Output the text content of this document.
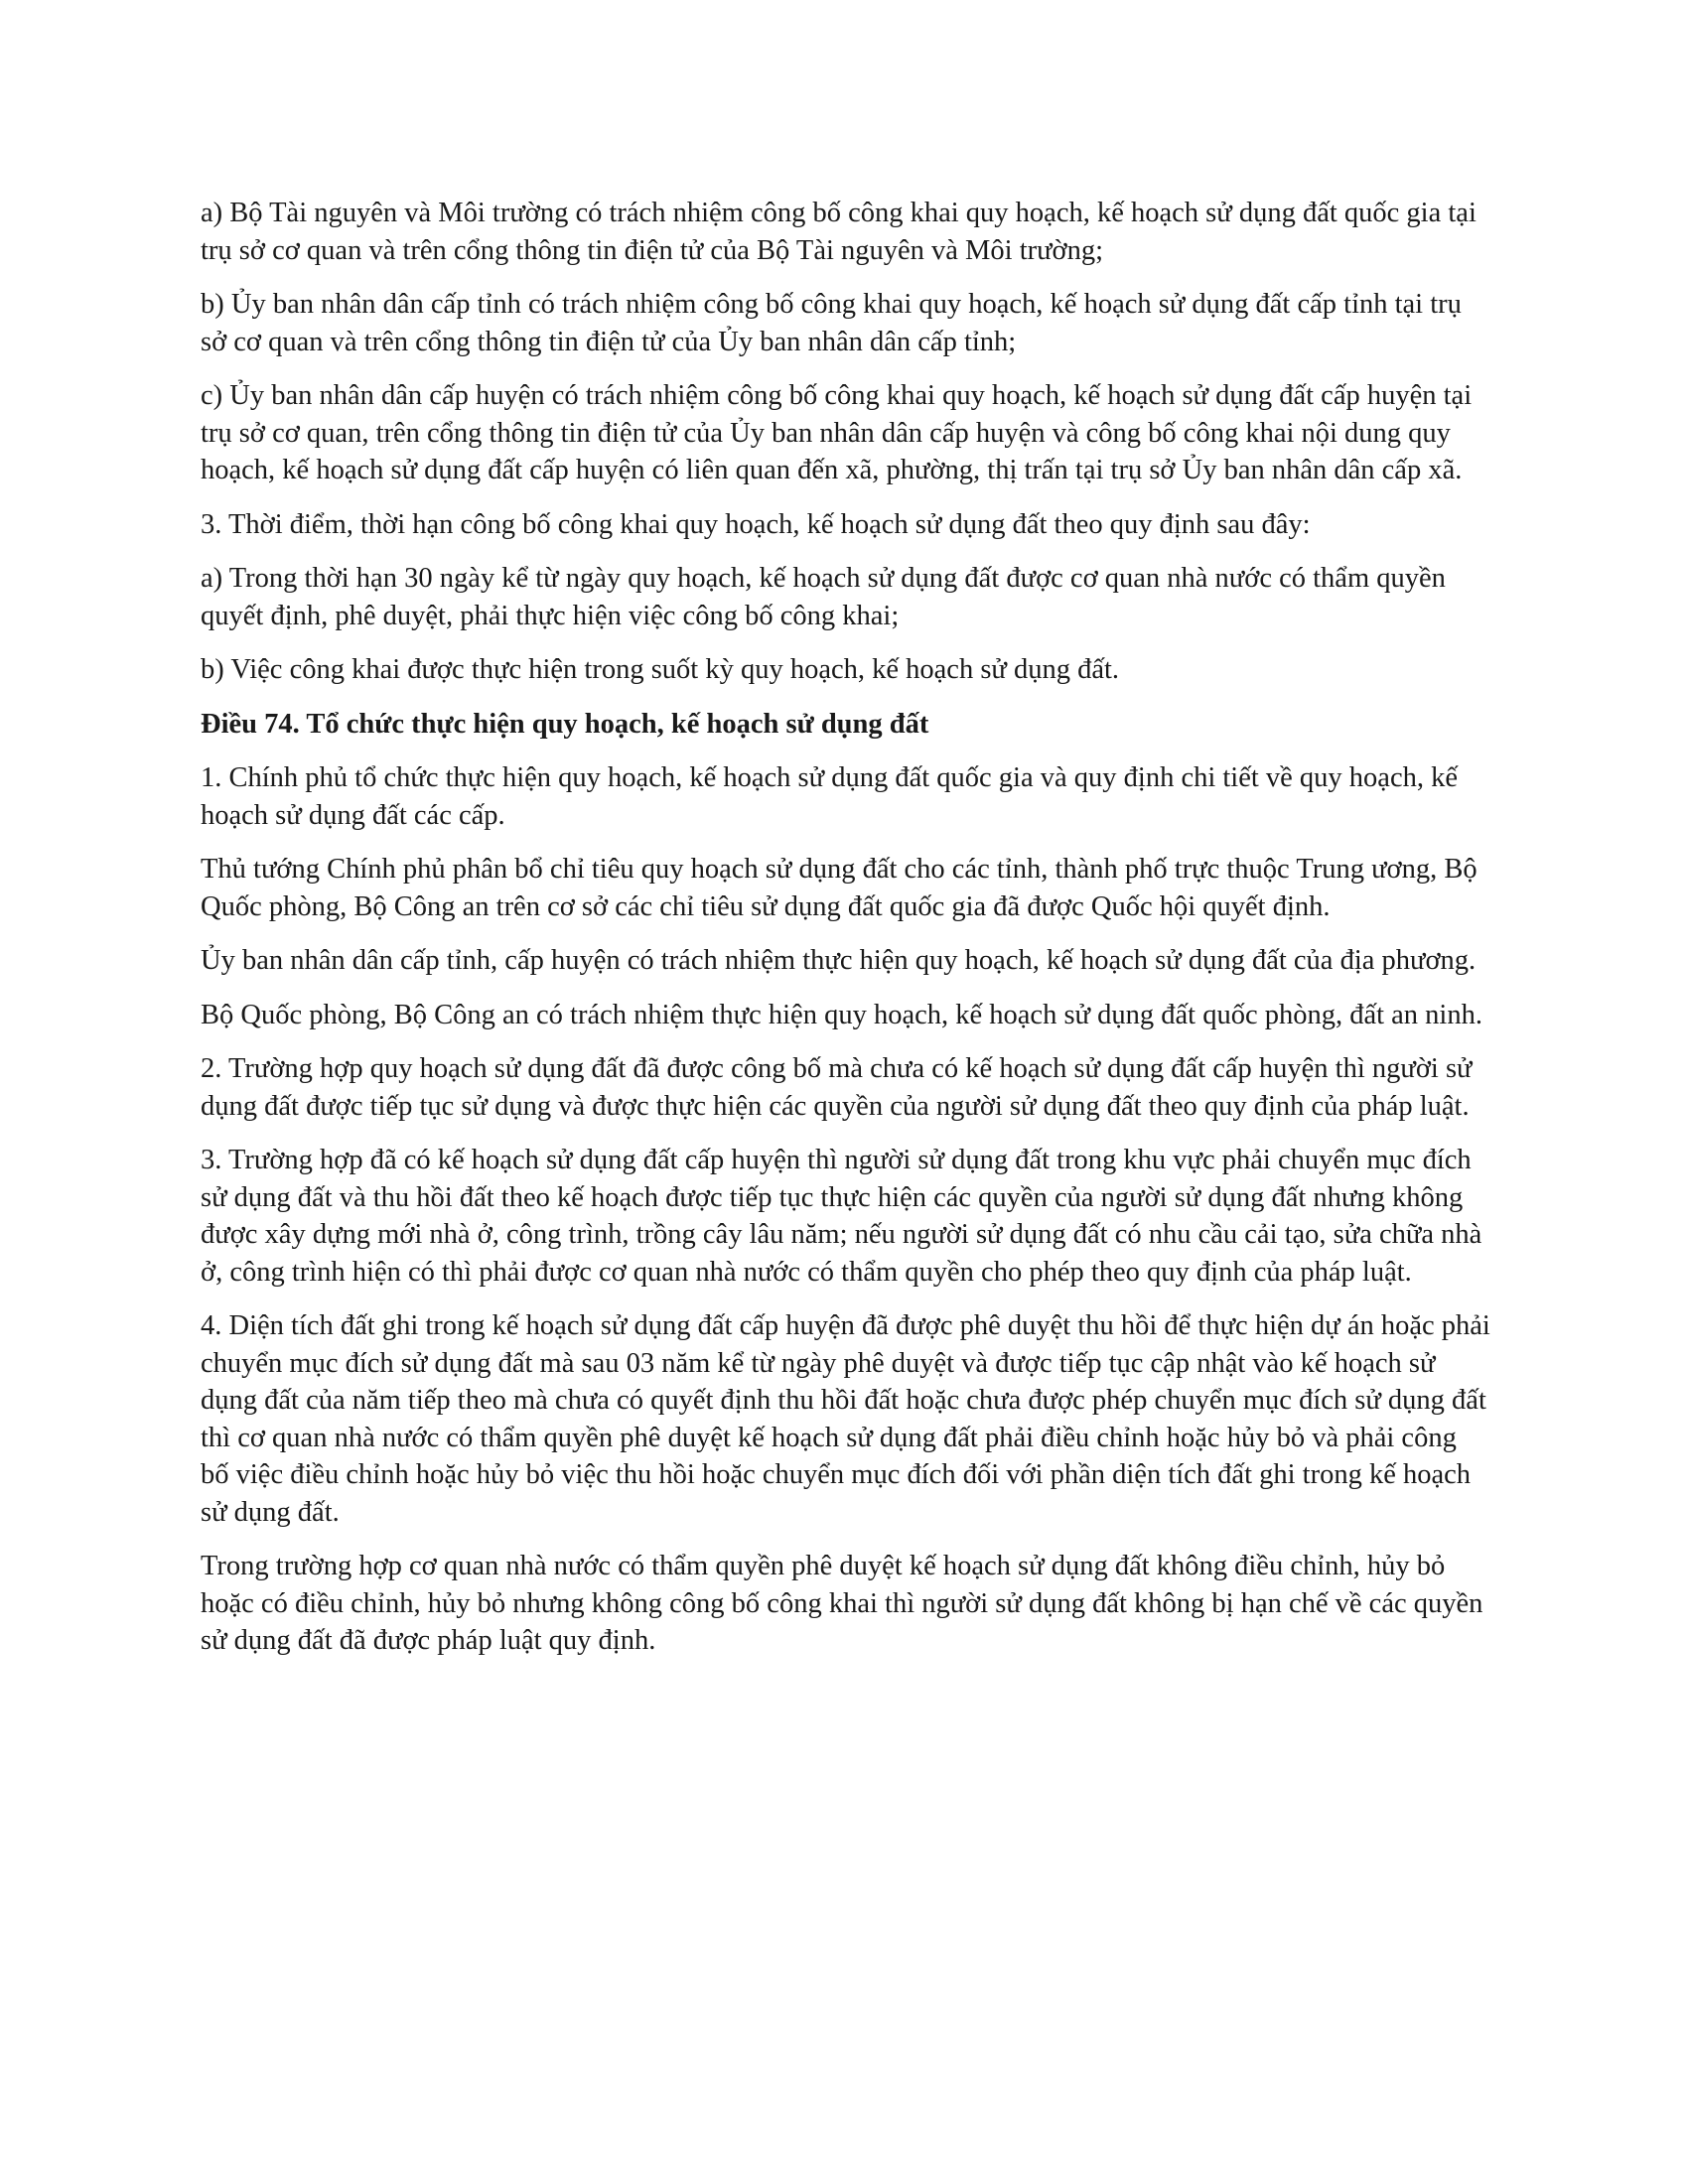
a) Bộ Tài nguyên và Môi trường có trách nhiệm công bố công khai quy hoạch, kế hoạch sử dụng đất quốc gia tại trụ sở cơ quan và trên cổng thông tin điện tử của Bộ Tài nguyên và Môi trường;

b) Ủy ban nhân dân cấp tỉnh có trách nhiệm công bố công khai quy hoạch, kế hoạch sử dụng đất cấp tỉnh tại trụ sở cơ quan và trên cổng thông tin điện tử của Ủy ban nhân dân cấp tỉnh;

c) Ủy ban nhân dân cấp huyện có trách nhiệm công bố công khai quy hoạch, kế hoạch sử dụng đất cấp huyện tại trụ sở cơ quan, trên cổng thông tin điện tử của Ủy ban nhân dân cấp huyện và công bố công khai nội dung quy hoạch, kế hoạch sử dụng đất cấp huyện có liên quan đến xã, phường, thị trấn tại trụ sở Ủy ban nhân dân cấp xã.

3. Thời điểm, thời hạn công bố công khai quy hoạch, kế hoạch sử dụng đất theo quy định sau đây:

a) Trong thời hạn 30 ngày kể từ ngày quy hoạch, kế hoạch sử dụng đất được cơ quan nhà nước có thẩm quyền quyết định, phê duyệt, phải thực hiện việc công bố công khai;

b) Việc công khai được thực hiện trong suốt kỳ quy hoạch, kế hoạch sử dụng đất.

Điều 74. Tổ chức thực hiện quy hoạch, kế hoạch sử dụng đất

1. Chính phủ tổ chức thực hiện quy hoạch, kế hoạch sử dụng đất quốc gia và quy định chi tiết về quy hoạch, kế hoạch sử dụng đất các cấp.

Thủ tướng Chính phủ phân bổ chỉ tiêu quy hoạch sử dụng đất cho các tỉnh, thành phố trực thuộc Trung ương, Bộ Quốc phòng, Bộ Công an trên cơ sở các chỉ tiêu sử dụng đất quốc gia đã được Quốc hội quyết định.

Ủy ban nhân dân cấp tỉnh, cấp huyện có trách nhiệm thực hiện quy hoạch, kế hoạch sử dụng đất của địa phương.

Bộ Quốc phòng, Bộ Công an có trách nhiệm thực hiện quy hoạch, kế hoạch sử dụng đất quốc phòng, đất an ninh.

2. Trường hợp quy hoạch sử dụng đất đã được công bố mà chưa có kế hoạch sử dụng đất cấp huyện thì người sử dụng đất được tiếp tục sử dụng và được thực hiện các quyền của người sử dụng đất theo quy định của pháp luật.

3. Trường hợp đã có kế hoạch sử dụng đất cấp huyện thì người sử dụng đất trong khu vực phải chuyển mục đích sử dụng đất và thu hồi đất theo kế hoạch được tiếp tục thực hiện các quyền của người sử dụng đất nhưng không được xây dựng mới nhà ở, công trình, trồng cây lâu năm; nếu người sử dụng đất có nhu cầu cải tạo, sửa chữa nhà ở, công trình hiện có thì phải được cơ quan nhà nước có thẩm quyền cho phép theo quy định của pháp luật.

4. Diện tích đất ghi trong kế hoạch sử dụng đất cấp huyện đã được phê duyệt thu hồi để thực hiện dự án hoặc phải chuyển mục đích sử dụng đất mà sau 03 năm kể từ ngày phê duyệt và được tiếp tục cập nhật vào kế hoạch sử dụng đất của năm tiếp theo mà chưa có quyết định thu hồi đất hoặc chưa được phép chuyển mục đích sử dụng đất thì cơ quan nhà nước có thẩm quyền phê duyệt kế hoạch sử dụng đất phải điều chỉnh hoặc hủy bỏ và phải công bố việc điều chỉnh hoặc hủy bỏ việc thu hồi hoặc chuyển mục đích đối với phần diện tích đất ghi trong kế hoạch sử dụng đất.

Trong trường hợp cơ quan nhà nước có thẩm quyền phê duyệt kế hoạch sử dụng đất không điều chỉnh, hủy bỏ hoặc có điều chỉnh, hủy bỏ nhưng không công bố công khai thì người sử dụng đất không bị hạn chế về các quyền sử dụng đất đã được pháp luật quy định.
